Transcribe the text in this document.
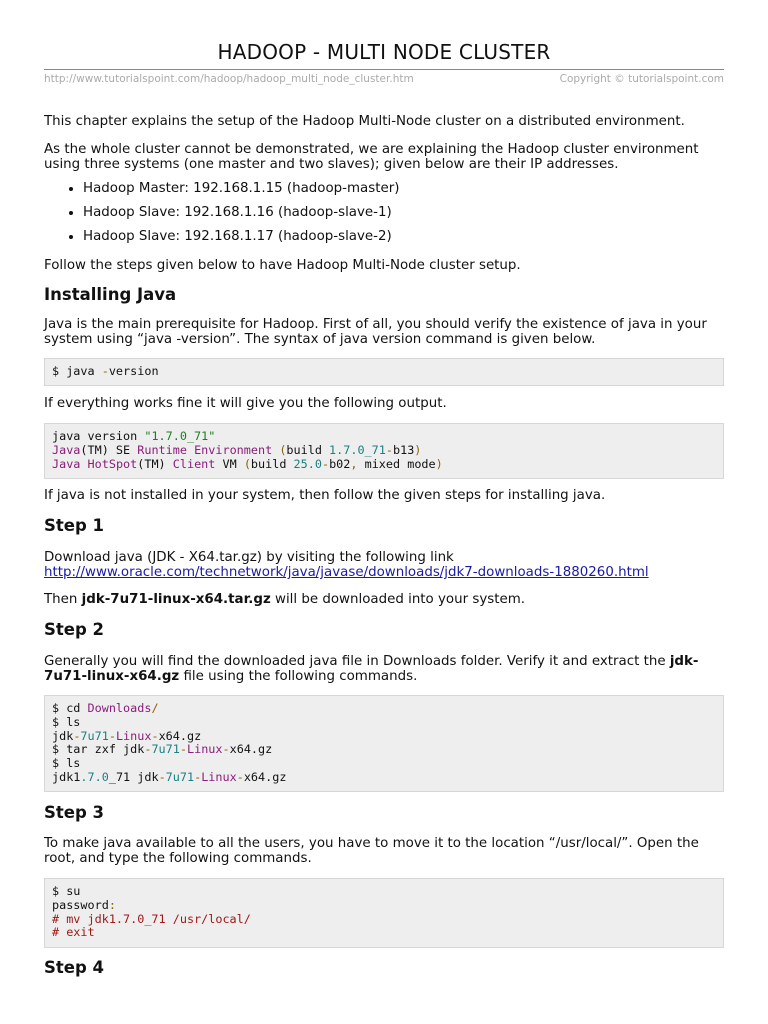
HADOOP - MULTI NODE CLUSTER
http://www.tutorialspoint.com/hadoop/hadoop_multi_node_cluster.htm	Copyright © tutorialspoint.com

This chapter explains the setup of the Hadoop Multi-Node cluster on a distributed environment.

As the whole cluster cannot be demonstrated, we are explaining the Hadoop cluster environment
using three systems (one master and two slaves); given below are their IP addresses.

Hadoop Master: 192.168.1.15 (hadoop-master)
Hadoop Slave: 192.168.1.16 (hadoop-slave-1)
Hadoop Slave: 192.168.1.17 (hadoop-slave-2)

Follow the steps given below to have Hadoop Multi-Node cluster setup.

Installing Java

Java is the main prerequisite for Hadoop. First of all, you should verify the existence of java in your
system using “java -version”. The syntax of java version command is given below.

$ java -version

If everything works fine it will give you the following output.

java version "1.7.0_71"
Java(TM) SE Runtime Environment (build 1.7.0_71-b13)
Java HotSpot(TM) Client VM (build 25.0-b02, mixed mode)

If java is not installed in your system, then follow the given steps for installing java.

Step 1

Download java (JDK - X64.tar.gz) by visiting the following link
http://www.oracle.com/technetwork/java/javase/downloads/jdk7-downloads-1880260.html

Then jdk-7u71-linux-x64.tar.gz will be downloaded into your system.

Step 2

Generally you will find the downloaded java file in Downloads folder. Verify it and extract the jdk-
7u71-linux-x64.gz file using the following commands.

$ cd Downloads/
$ ls
jdk-7u71-Linux-x64.gz
$ tar zxf jdk-7u71-Linux-x64.gz
$ ls
jdk1.7.0_71 jdk-7u71-Linux-x64.gz
Step 3

To make java available to all the users, you have to move it to the location “/usr/local/”. Open the
root, and type the following commands.

$ su
password:
# mv jdk1.7.0_71 /usr/local/
# exit
Step 4
